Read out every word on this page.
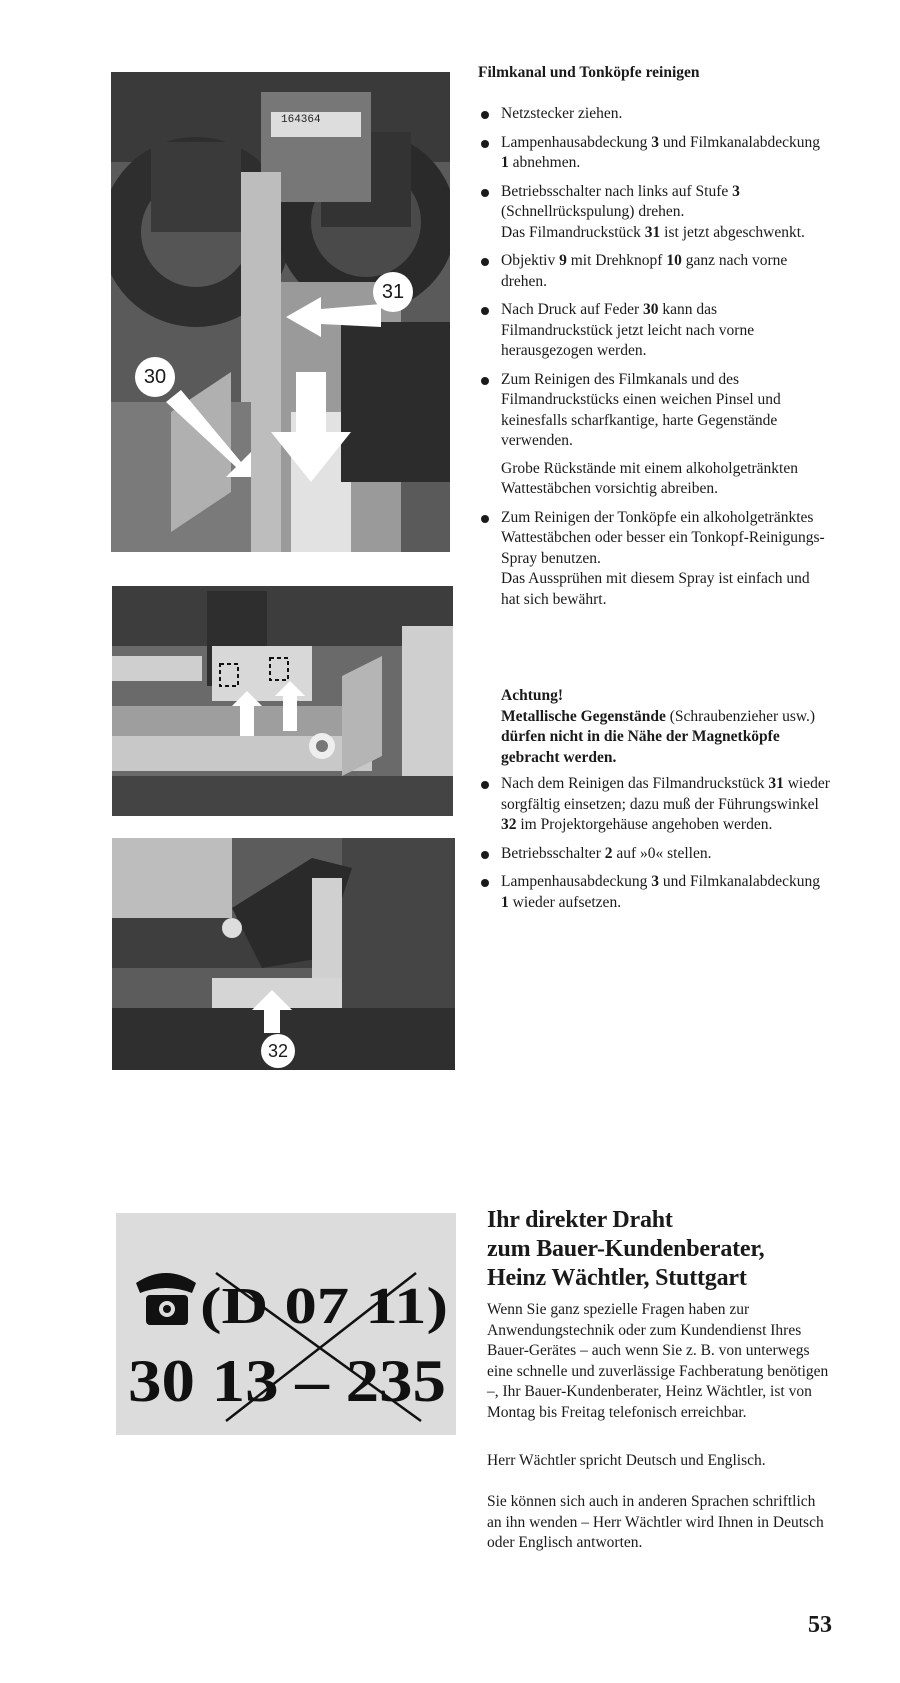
164364
31
30
32
Filmkanal und Tonköpfe reinigen
Netzstecker ziehen.
Lampenhausabdeckung 3 und Filmkanalabdeckung 1 abnehmen.
Betriebsschalter nach links auf Stufe 3 (Schnellrückspulung) drehen.
Das Filmandruckstück 31 ist jetzt abgeschwenkt.
Objektiv 9 mit Drehknopf 10 ganz nach vorne drehen.
Nach Druck auf Feder 30 kann das Filmandruckstück jetzt leicht nach vorne herausgezogen werden.
Zum Reinigen des Filmkanals und des Filmandruckstücks einen weichen Pinsel und keinesfalls scharfkantige, harte Gegenstände verwenden.
Grobe Rückstände mit einem alkoholgetränkten Wattestäbchen vorsichtig abreiben.
Zum Reinigen der Tonköpfe ein alkoholgetränktes Wattestäbchen oder besser ein Tonkopf-Reinigungs-Spray benutzen.
Das Aussprühen mit diesem Spray ist einfach und hat sich bewährt.
Achtung!
Metallische Gegenstände (Schraubenzieher usw.) dürfen nicht in die Nähe der Magnetköpfe gebracht werden.
Nach dem Reinigen das Filmandruckstück 31 wieder sorgfältig einsetzen; dazu muß der Führungswinkel 32 im Projektorgehäuse angehoben werden.
Betriebsschalter 2 auf »0« stellen.
Lampenhausabdeckung 3 und Filmkanalabdeckung 1 wieder aufsetzen.
(D 07 11)
30 13 – 235
Ihr direkter Draht
zum Bauer-Kundenberater,
Heinz Wächtler, Stuttgart
Wenn Sie ganz spezielle Fragen haben zur Anwendungstechnik oder zum Kundendienst Ihres Bauer-Gerätes – auch wenn Sie z. B. von unterwegs eine schnelle und zuverlässige Fachberatung benötigen –, Ihr Bauer-Kundenberater, Heinz Wächtler, ist von Montag bis Freitag telefonisch erreichbar.
Herr Wächtler spricht Deutsch und Englisch.
Sie können sich auch in anderen Sprachen schriftlich an ihn wenden – Herr Wächtler wird Ihnen in Deutsch oder Englisch antworten.
53
